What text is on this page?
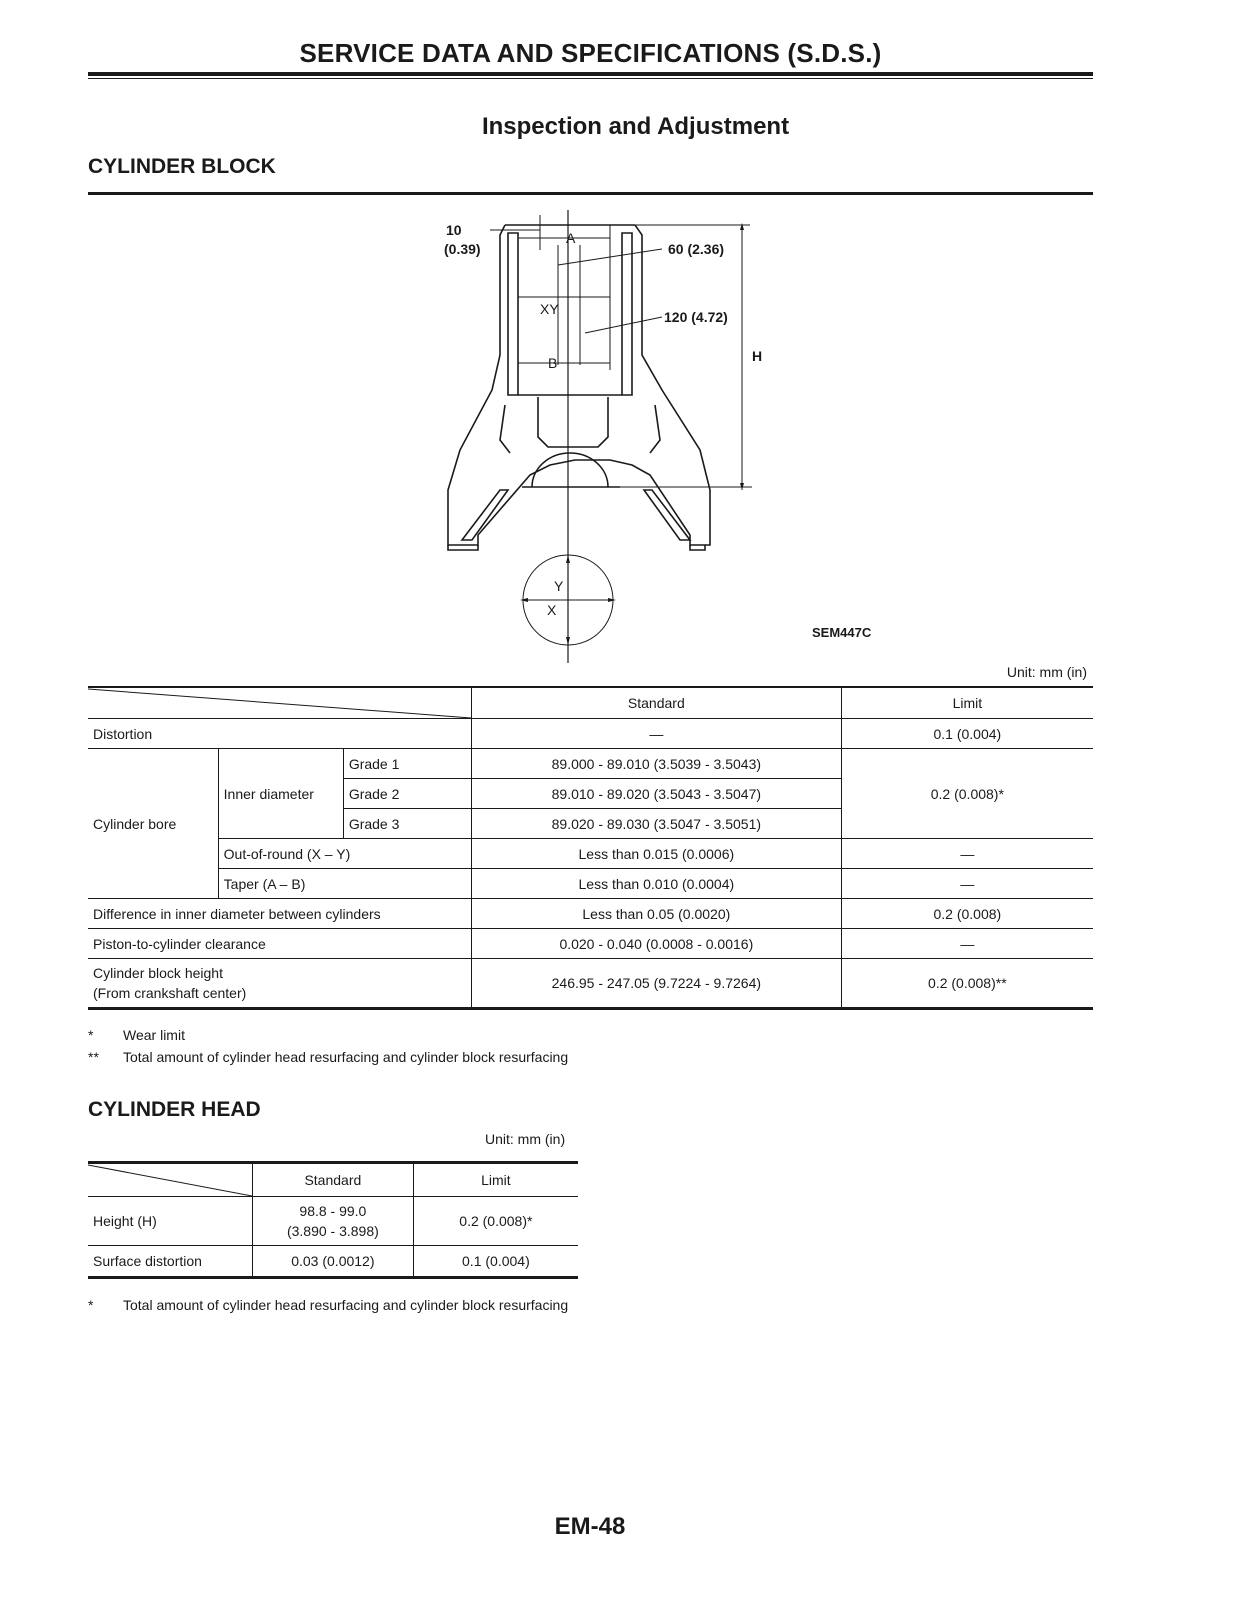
SERVICE DATA AND SPECIFICATIONS (S.D.S.)
Inspection and Adjustment
CYLINDER BLOCK
10
(0.39)
A
60 (2.36)
XY	120 (4.72)
B	H
Y
X
SEM447C
Unit: mm (in)
	Standard	Limit
Distortion			—	0.1 (0.004)
Cylinder bore	Inner diameter	Grade 1	89.000 - 89.010 (3.5039 - 3.5043)	0.2 (0.008)*
		Grade 2	89.010 - 89.020 (3.5043 - 3.5047)	
		Grade 3	89.020 - 89.030 (3.5047 - 3.5051)	
	Out-of-round (X – Y)		Less than 0.015 (0.0006)	—
	Taper (A – B)		Less than 0.010 (0.0004)	—
Difference in inner diameter between cylinders			Less than 0.05 (0.0020)	0.2 (0.008)
Piston-to-cylinder clearance			0.020 - 0.040 (0.0008 - 0.0016)	—
Cylinder block height
(From crankshaft center)			246.95 - 247.05 (9.7224 - 9.7264)	0.2 (0.008)**
* Wear limit
** Total amount of cylinder head resurfacing and cylinder block resurfacing
CYLINDER HEAD
Unit: mm (in)
	Standard	Limit
Height (H)	98.8 - 99.0
(3.890 - 3.898)	0.2 (0.008)*
Surface distortion	0.03 (0.0012)	0.1 (0.004)
* Total amount of cylinder head resurfacing and cylinder block resurfacing
EM-48
